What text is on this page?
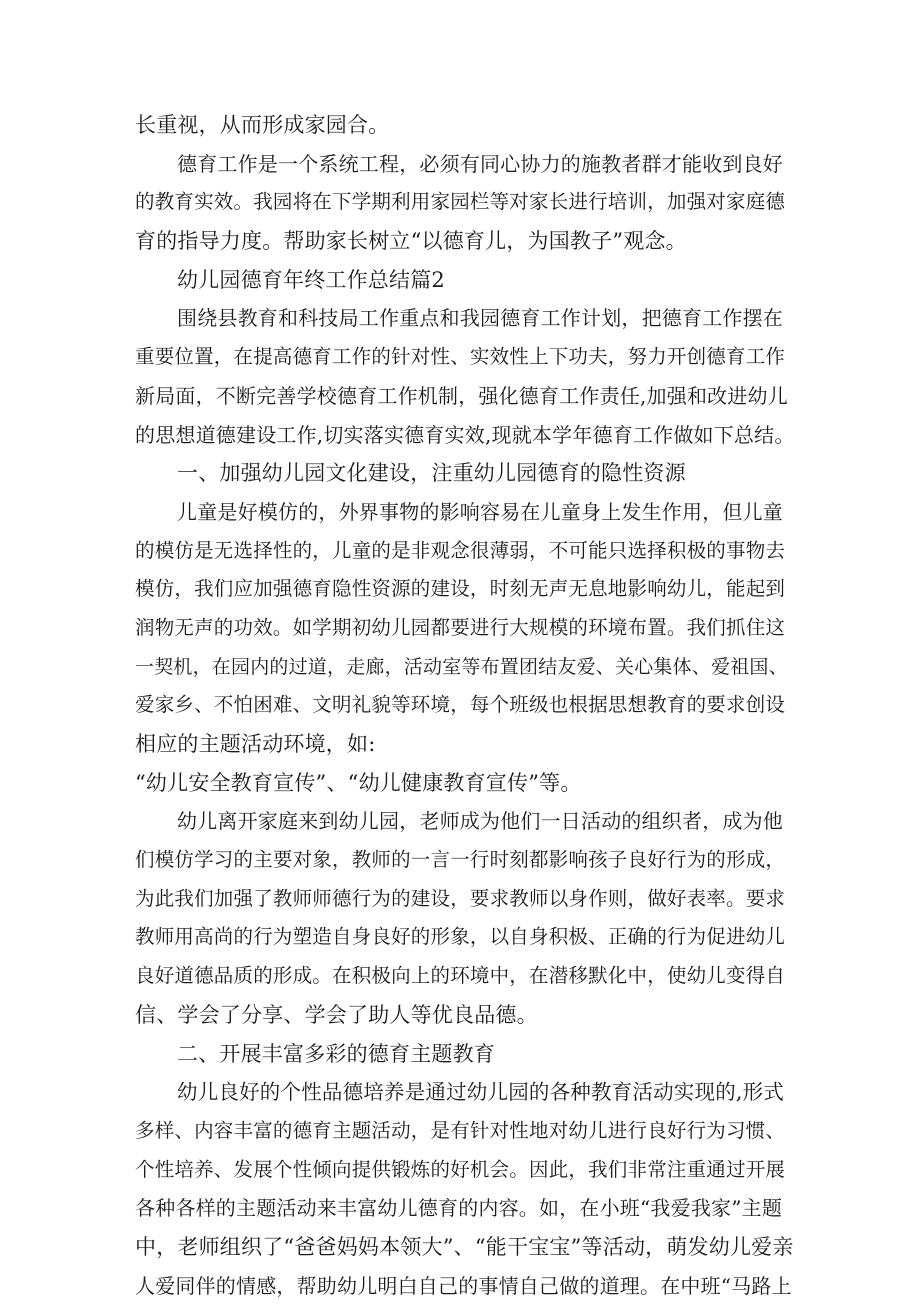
长重视，从而形成家园合。
德育工作是一个系统工程，必须有同心协力的施教者群才能收到良好
的教育实效。我园将在下学期利用家园栏等对家长进行培训，加强对家庭德
育的指导力度。帮助家长树立“以德育儿，为国教子”观念。
幼儿园德育年终工作总结篇2
围绕县教育和科技局工作重点和我园德育工作计划，把德育工作摆在
重要位置，在提高德育工作的针对性、实效性上下功夫，努力开创德育工作
新局面，不断完善学校德育工作机制，强化德育工作责任,加强和改进幼儿
的思想道德建设工作,切实落实德育实效,现就本学年德育工作做如下总结。
一、加强幼儿园文化建设，注重幼儿园德育的隐性资源
儿童是好模仿的，外界事物的影响容易在儿童身上发生作用，但儿童
的模仿是无选择性的，儿童的是非观念很薄弱，不可能只选择积极的事物去
模仿，我们应加强德育隐性资源的建设，时刻无声无息地影响幼儿，能起到
润物无声的功效。如学期初幼儿园都要进行大规模的环境布置。我们抓住这
一契机，在园内的过道，走廊，活动室等布置团结友爱、关心集体、爱祖国、
爱家乡、不怕困难、文明礼貌等环境，每个班级也根据思想教育的要求创设
相应的主题活动环境，如:
“幼儿安全教育宣传”、“幼儿健康教育宣传”等。
幼儿离开家庭来到幼儿园，老师成为他们一日活动的组织者，成为他
们模仿学习的主要对象，教师的一言一行时刻都影响孩子良好行为的形成，
为此我们加强了教师师德行为的建设，要求教师以身作则，做好表率。要求
教师用高尚的行为塑造自身良好的形象，以自身积极、正确的行为促进幼儿
良好道德品质的形成。在积极向上的环境中，在潜移默化中，使幼儿变得自
信、学会了分享、学会了助人等优良品德。
二、开展丰富多彩的德育主题教育
幼儿良好的个性品德培养是通过幼儿园的各种教育活动实现的,形式
多样、内容丰富的德育主题活动，是有针对性地对幼儿进行良好行为习惯、
个性培养、发展个性倾向提供锻炼的好机会。因此，我们非常注重通过开展
各种各样的主题活动来丰富幼儿德育的内容。如，在小班“我爱我家”主题
中，老师组织了“爸爸妈妈本领大”、“能干宝宝”等活动，萌发幼儿爱亲
人爱同伴的情感，帮助幼儿明白自己的事情自己做的道理。在中班“马路上
